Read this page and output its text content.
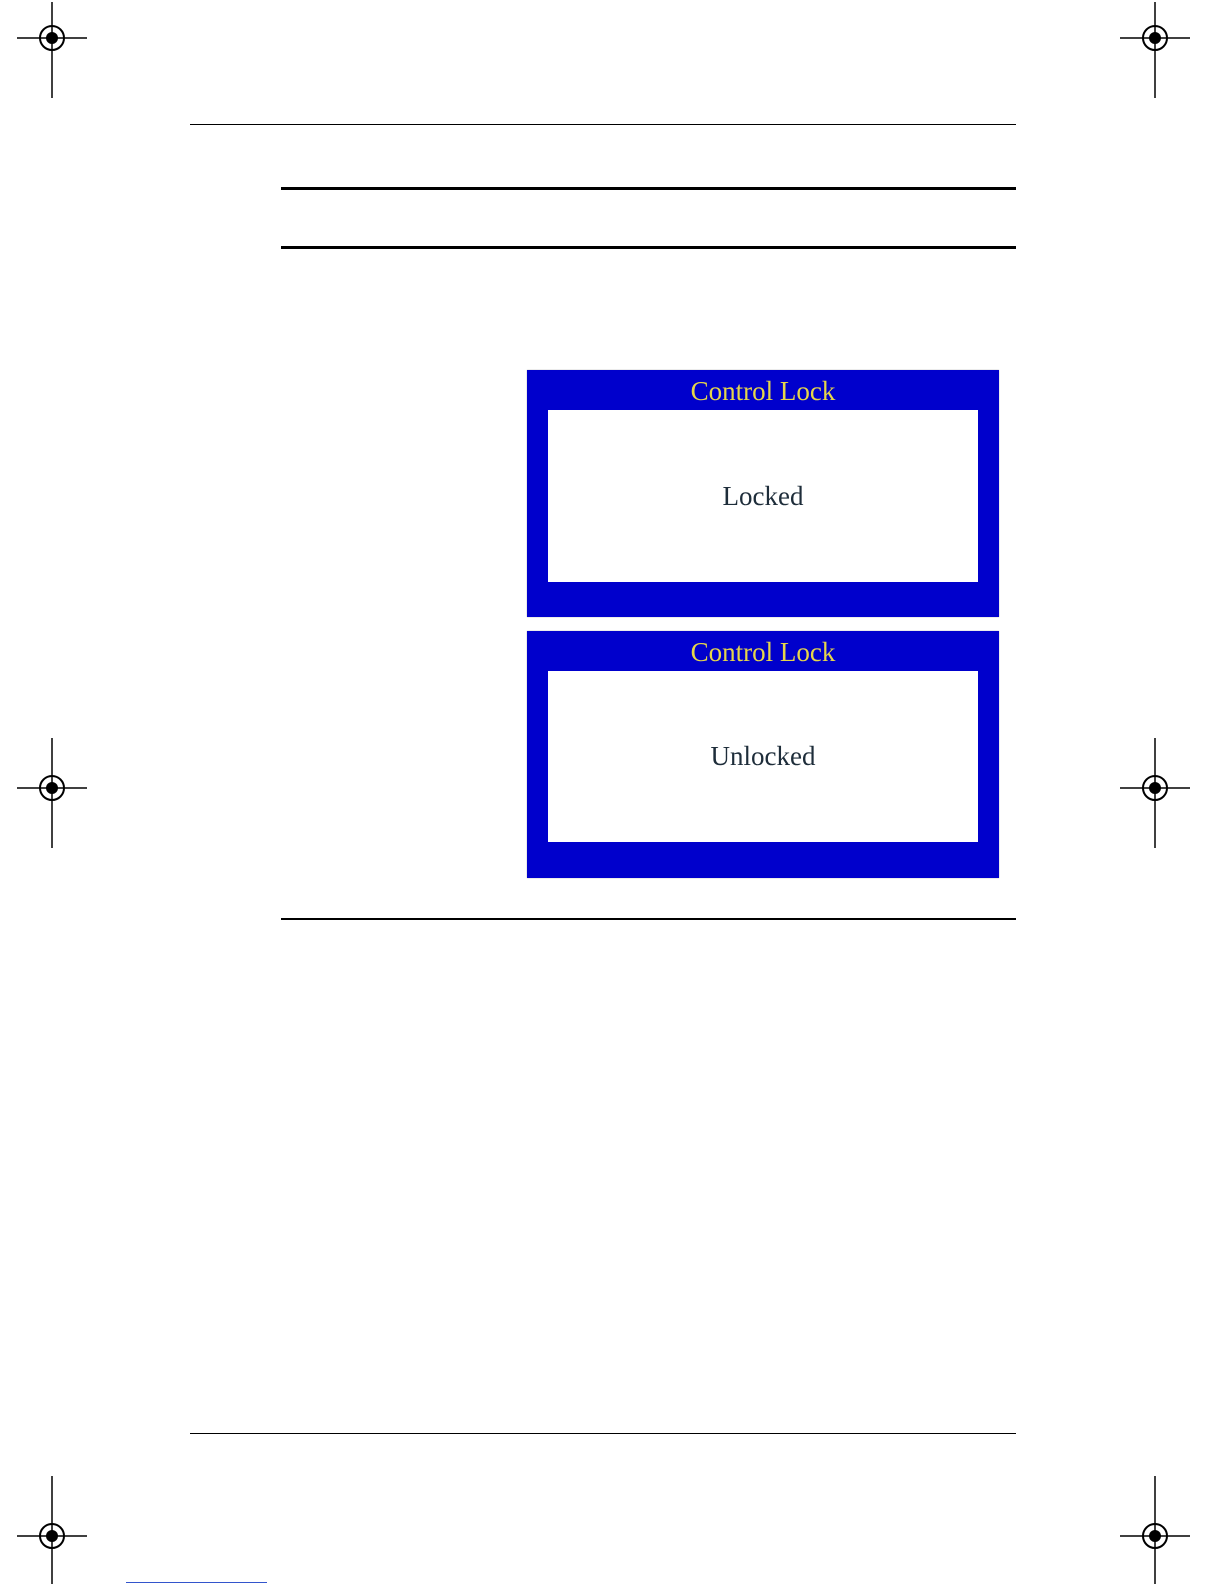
Control Lock
Locked
Control Lock
Unlocked
